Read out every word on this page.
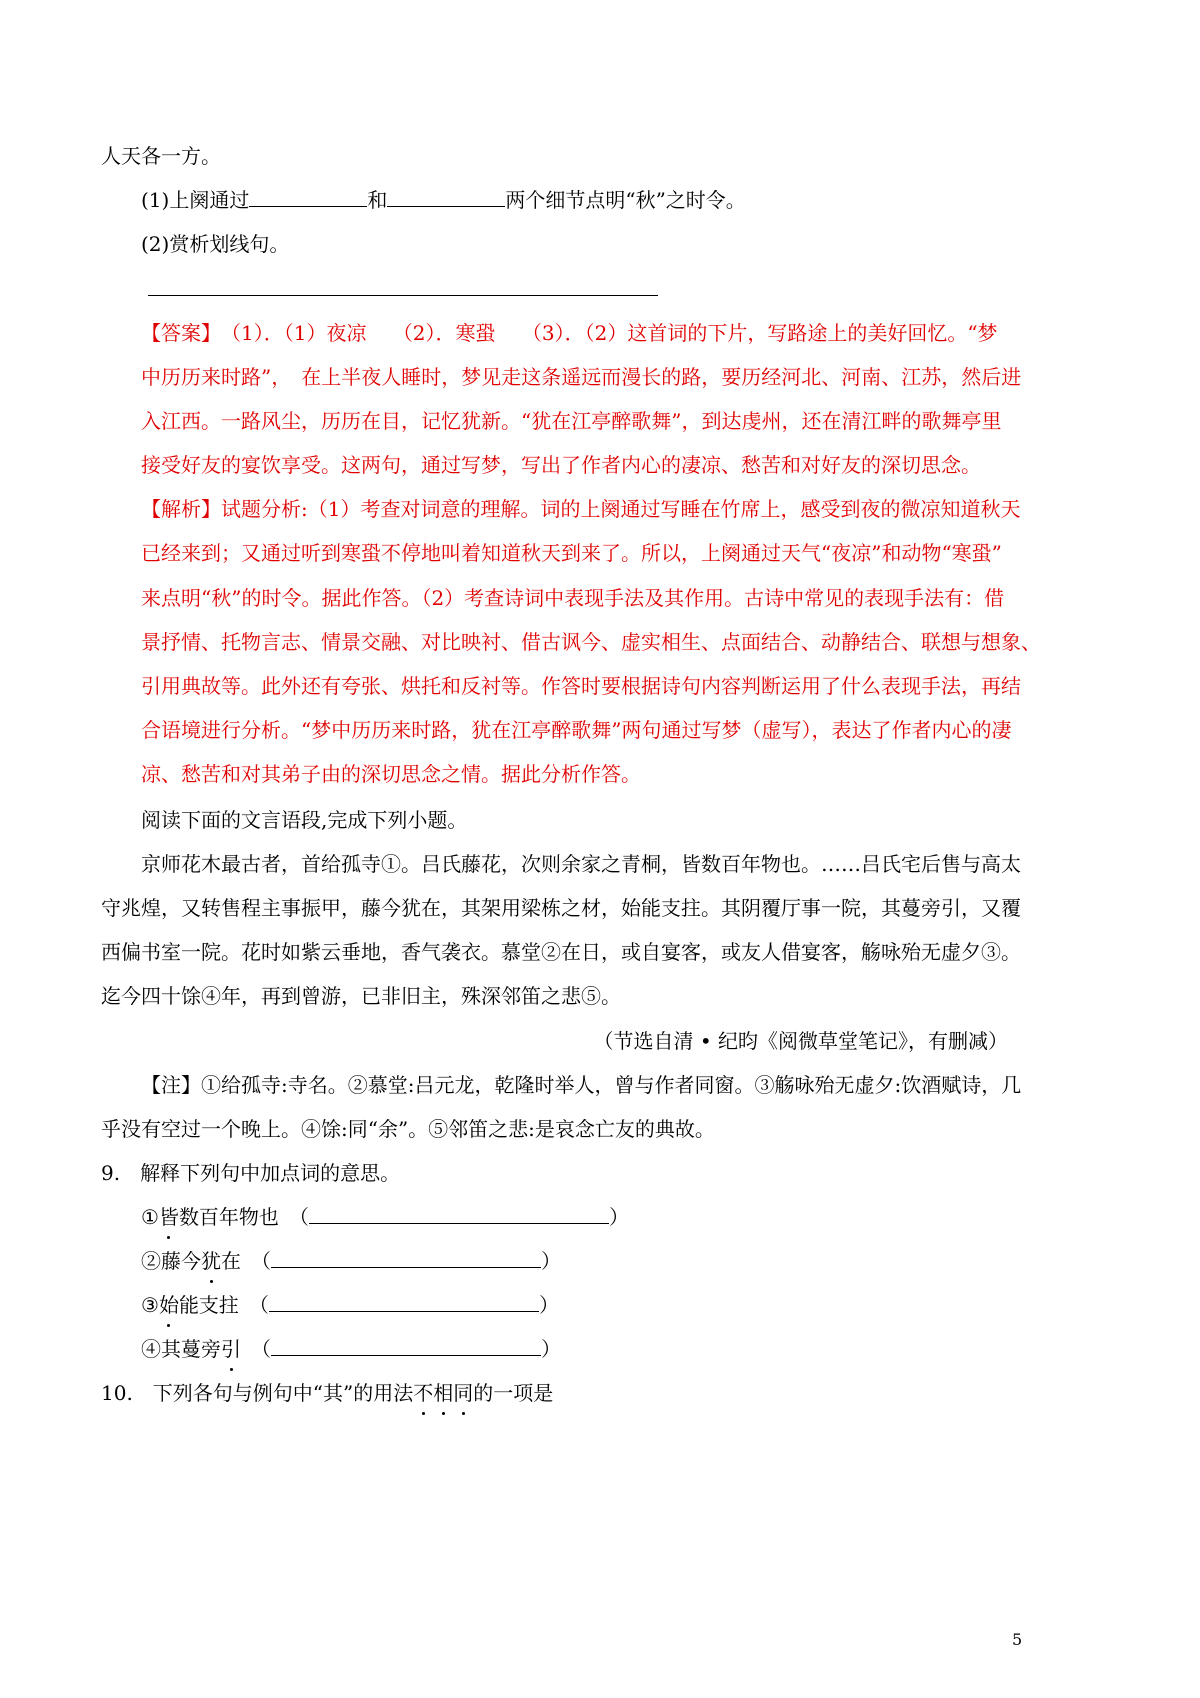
人天各一方。
(1)上阕通过	和	两个细节点明“秋”之时令。
(2)赏析划线句。
【答案】　（1）．（1）夜凉　 （2）．寒蛩　 （3）．（2）这首词的下片，写路途上的美好回忆。“梦
中历历来时路”，　在上半夜人睡时，梦见走这条遥远而漫长的路，要历经河北、河南、江苏，然后进
入江西。一路风尘，历历在目，记忆犹新。“犹在江亭醉歌舞”，到达虔州，还在清江畔的歌舞亭里
接受好友的宴饮享受。这两句，通过写梦，写出了作者内心的凄凉、愁苦和对好友的深切思念。
【解析】试题分析:（1）考查对词意的理解。词的上阕通过写睡在竹席上，感受到夜的微凉知道秋天
已经来到；又通过听到寒蛩不停地叫着知道秋天到来了。所以，上阕通过天气“夜凉”和动物“寒蛩”
来点明“秋”的时令。据此作答。（2）考查诗词中表现手法及其作用。古诗中常见的表现手法有：借
景抒情、托物言志、情景交融、对比映衬、借古讽今、虚实相生、点面结合、动静结合、联想与想象、
引用典故等。此外还有夸张、烘托和反衬等。作答时要根据诗句内容判断运用了什么表现手法，再结
合语境进行分析。“梦中历历来时路，犹在江亭醉歌舞”两句通过写梦（虚写），表达了作者内心的凄
凉、愁苦和对其弟子由的深切思念之情。据此分析作答。
阅读下面的文言语段,完成下列小题。
京师花木最古者，首给孤寺①。吕氏藤花，次则余家之青桐，皆数百年物也。……吕氏宅后售与高太
守兆煌，又转售程主事振甲，藤今犹在，其架用梁栋之材，始能支拄。其阴覆厅事一院，其蔓旁引，又覆
西偏书室一院。花时如紫云垂地，香气袭衣。慕堂②在日，或自宴客，或友人借宴客，觞咏殆无虚夕③。
迄今四十馀④年，再到曾游，已非旧主，殊深邻笛之悲⑤。
（节选自清 • 纪昀《阅微草堂笔记》，有删减）
【注】①给孤寺:寺名。②慕堂:吕元龙，乾隆时举人，曾与作者同窗。③觞咏殆无虚夕:饮酒赋诗，几
乎没有空过一个晚上。④馀:同“余”。⑤邻笛之悲:是哀念亡友的典故。
9.　解释下列句中加点词的意思。
①皆数百年物也 （	）
②藤今犹在 （	）
③始能支拄 （	）
④其蔓旁引 （	）
10.　下列各句与例句中“其”的用法不相同的一项是
5
